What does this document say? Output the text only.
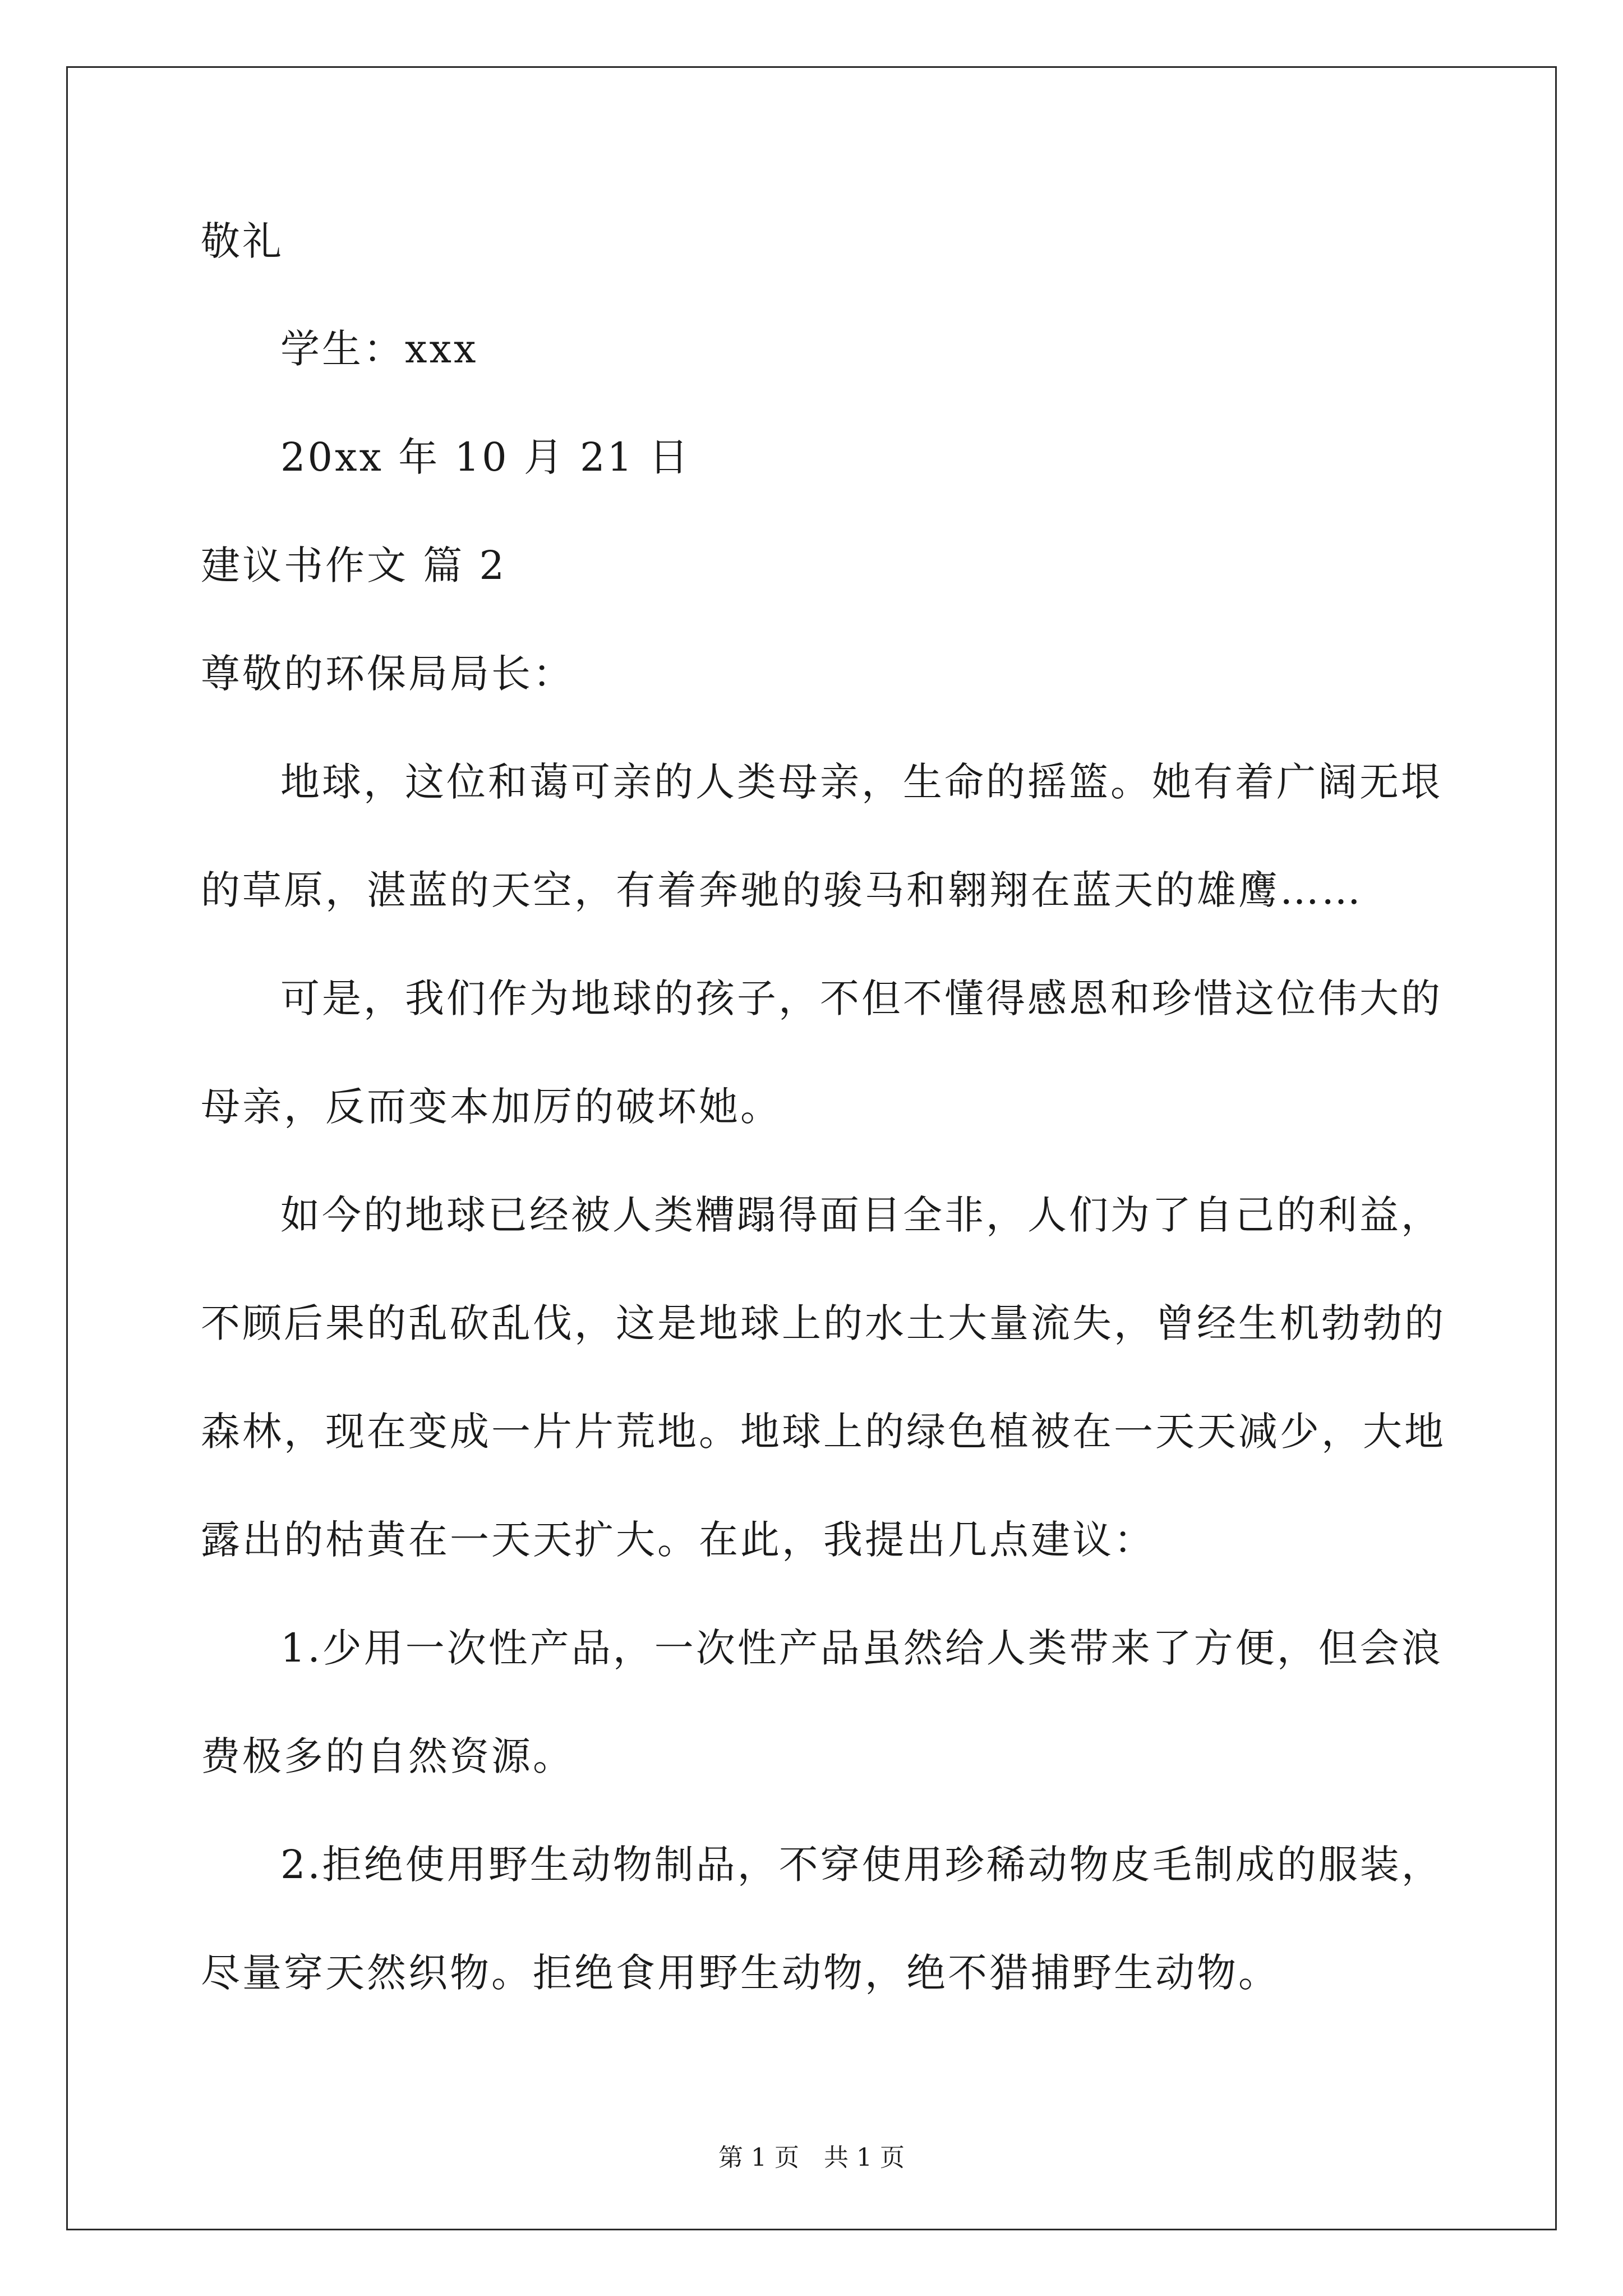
敬礼
学生：xxx
20xx 年 10 月 21 日
建议书作文 篇 2
尊敬的环保局局长：
地球，这位和蔼可亲的人类母亲，生命的摇篮。她有着广阔无垠
的草原，湛蓝的天空，有着奔驰的骏马和翱翔在蓝天的雄鹰……
可是，我们作为地球的孩子，不但不懂得感恩和珍惜这位伟大的
母亲，反而变本加厉的破坏她。
如今的地球已经被人类糟蹋得面目全非，人们为了自己的利益，
不顾后果的乱砍乱伐，这是地球上的水土大量流失，曾经生机勃勃的
森林，现在变成一片片荒地。地球上的绿色植被在一天天减少，大地
露出的枯黄在一天天扩大。在此，我提出几点建议：
1.少用一次性产品，一次性产品虽然给人类带来了方便，但会浪
费极多的自然资源。
2.拒绝使用野生动物制品，不穿使用珍稀动物皮毛制成的服装，
尽量穿天然织物。拒绝食用野生动物，绝不猎捕野生动物。
第 1 页　共 1 页
